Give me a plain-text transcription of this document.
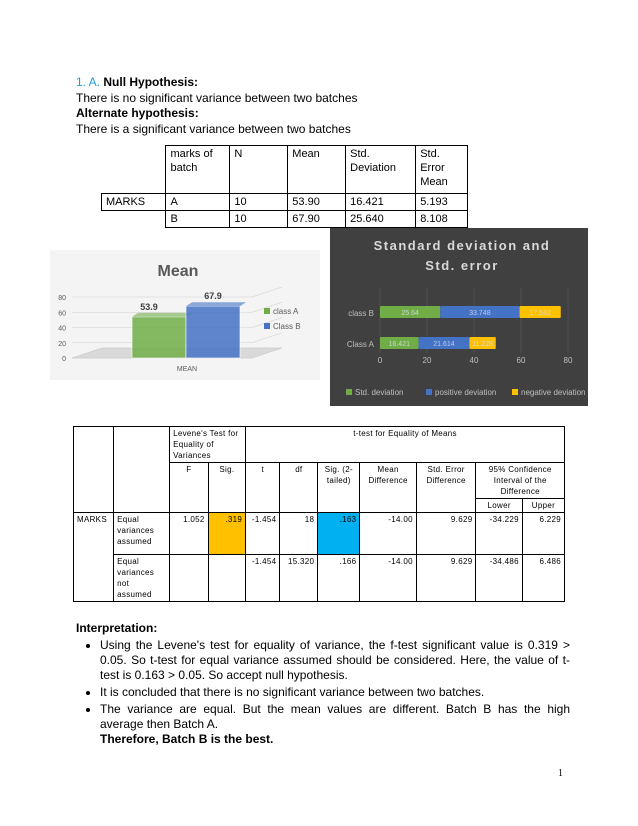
1. A. Null Hypothesis:
There is no significant variance between two batches
Alternate hypothesis:
There is a significant variance between two batches
	marks of batch	N	Mean	Std. Deviation	Std. Error Mean
MARKS	A	10	53.90	16.421	5.193
	B	10	67.90	25.640	8.108
Mean
0
20
40
60
80
53.9
67.9
MEAN
class A
Class B
Standard deviation and
Std. error
0	20	40	60	80
Class A 16.421	21.614 11.228
class B	25.64	33.748	17.532
Std. deviation	positive deviation	negative deviation
		Levene's Test for Equality of Variances		t-test for Equality of Means						
		F	Sig.	t	df	Sig. (2-tailed)	Mean Difference	Std. Error Difference	95% Confidence Interval of the Difference	
									Lower	Upper
MARKS	Equal variances assumed	1.052	.319	-1.454	18	.163	-14.00	9.629	-34.229	6.229
	Equal variances not assumed			-1.454	15.320	.166	-14.00	9.629	-34.486	6.486
Interpretation:
• Using the Levene's test for equality of variance, the f-test significant value is 0.319 > 0.05. So t-test for equal variance assumed should be considered. Here, the value of t-test is 0.163 > 0.05. So accept null hypothesis.
• It is concluded that there is no significant variance between two batches.
• The variance are equal. But the mean values are different. Batch B has the high average then Batch A.
Therefore, Batch B is the best.
1
